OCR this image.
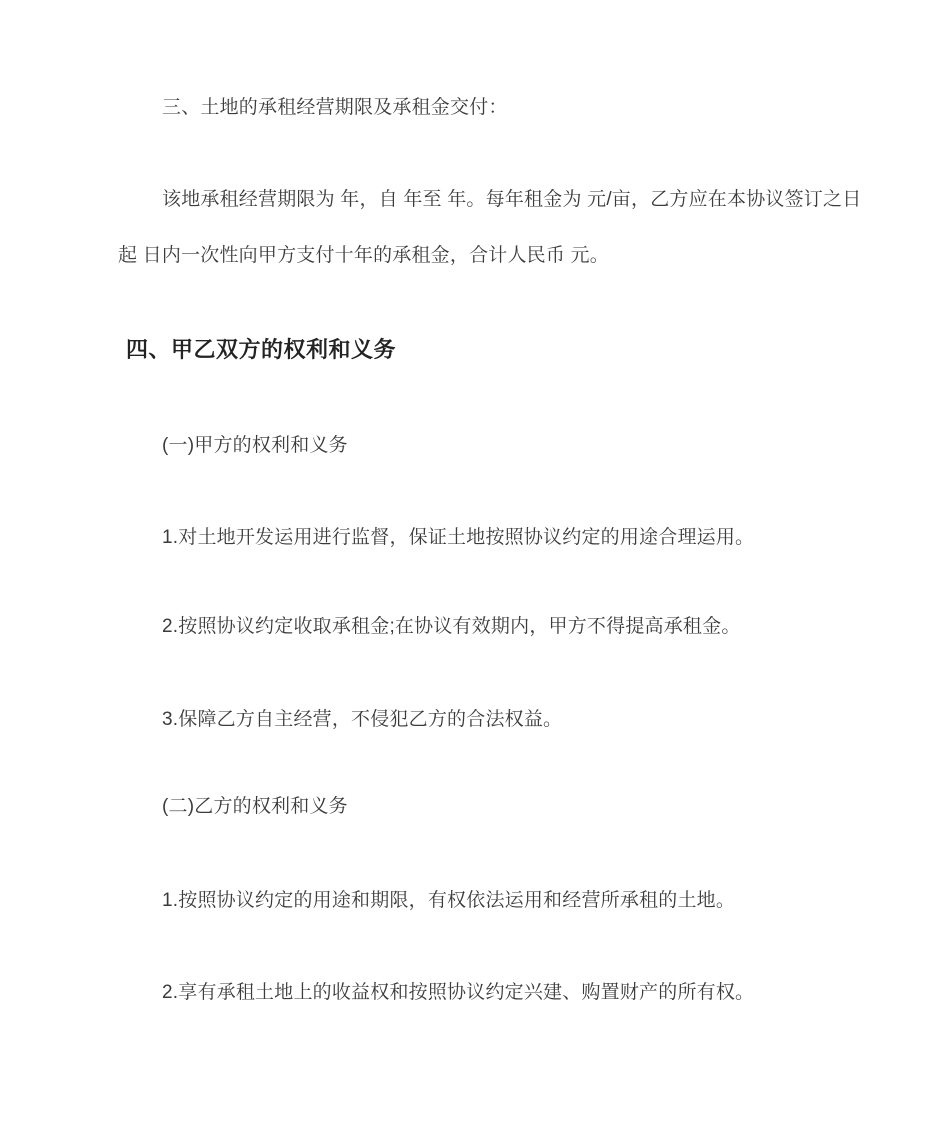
三、土地的承租经营期限及承租金交付：
该地承租经营期限为 年，自 年至 年。每年租金为 元/亩，乙方应在本协议签订之日
起 日内一次性向甲方支付十年的承租金，合计人民币 元。
四、甲乙双方的权利和义务
(一)甲方的权利和义务
1.对土地开发运用进行监督，保证土地按照协议约定的用途合理运用。
2.按照协议约定收取承租金;在协议有效期内，甲方不得提高承租金。
3.保障乙方自主经营，不侵犯乙方的合法权益。
(二)乙方的权利和义务
1.按照协议约定的用途和期限，有权依法运用和经营所承租的土地。
2.享有承租土地上的收益权和按照协议约定兴建、购置财产的所有权。
